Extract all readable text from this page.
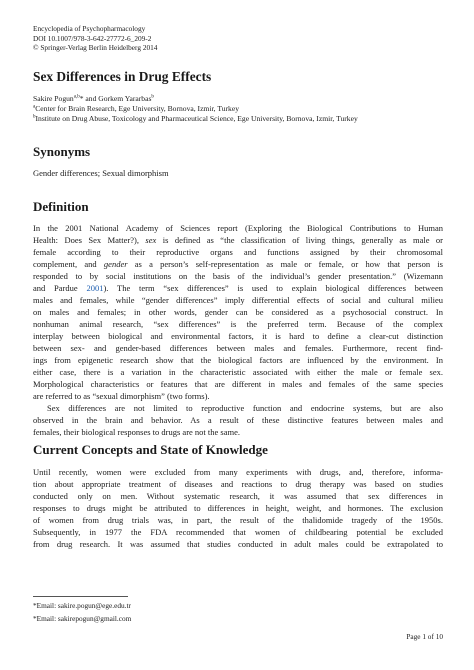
Encyclopedia of Psychopharmacology
DOI 10.1007/978-3-642-27772-6_209-2
© Springer-Verlag Berlin Heidelberg 2014
Sex Differences in Drug Effects
Sakire Pogun$^{a,b}$* and Gorkem Yararbas$^b$
$^a$Center for Brain Research, Ege University, Bornova, Izmir, Turkey
$^b$Institute on Drug Abuse, Toxicology and Pharmaceutical Science, Ege University, Bornova, Izmir, Turkey
Synonyms
Gender differences; Sexual dimorphism
Definition

In the 2001 National Academy of Sciences report (Exploring the Biological Contributions to Human
Health: Does Sex Matter?), sex is defined as “the classification of living things, generally as male or
female according to their reproductive organs and functions assigned by their chromosomal
complement, and gender as a person’s self-representation as male or female, or how that person is
responded to by social institutions on the basis of the individual’s gender presentation.” (Wizemann
and Pardue 2001). The term “sex differences” is used to explain biological differences between
males and females, while “gender differences” imply differential effects of social and cultural milieu
on males and females; in other words, gender can be considered as a psychosocial construct. In
nonhuman animal research, “sex differences” is the preferred term. Because of the complex
interplay between biological and environmental factors, it is hard to define a clear-cut distinction
between sex- and gender-based differences between males and females. Furthermore, recent find-
ings from epigenetic research show that the biological factors are influenced by the environment. In
either case, there is a variation in the characteristic associated with either the male or female sex.
Morphological characteristics or features that are different in males and females of the same species
are referred to as “sexual dimorphism” (two forms).

Sex differences are not limited to reproductive function and endocrine systems, but are also
observed in the brain and behavior. As a result of these distinctive features between males and
females, their biological responses to drugs are not the same.

Current Concepts and State of Knowledge
Until recently, women were excluded from many experiments with drugs, and, therefore, informa-
tion about appropriate treatment of diseases and reactions to drug therapy was based on studies
conducted only on men. Without systematic research, it was assumed that sex differences in
responses to drugs might be attributed to differences in height, weight, and hormones. The exclusion
of women from drug trials was, in part, the result of the thalidomide tragedy of the 1950s.
Subsequently, in 1977 the FDA recommended that women of childbearing potential be excluded
from drug research. It was assumed that studies conducted in adult males could be extrapolated to
*Email: sakire.pogun@ege.edu.tr
*Email: sakirepogun@gmail.com
Page 1 of 10
